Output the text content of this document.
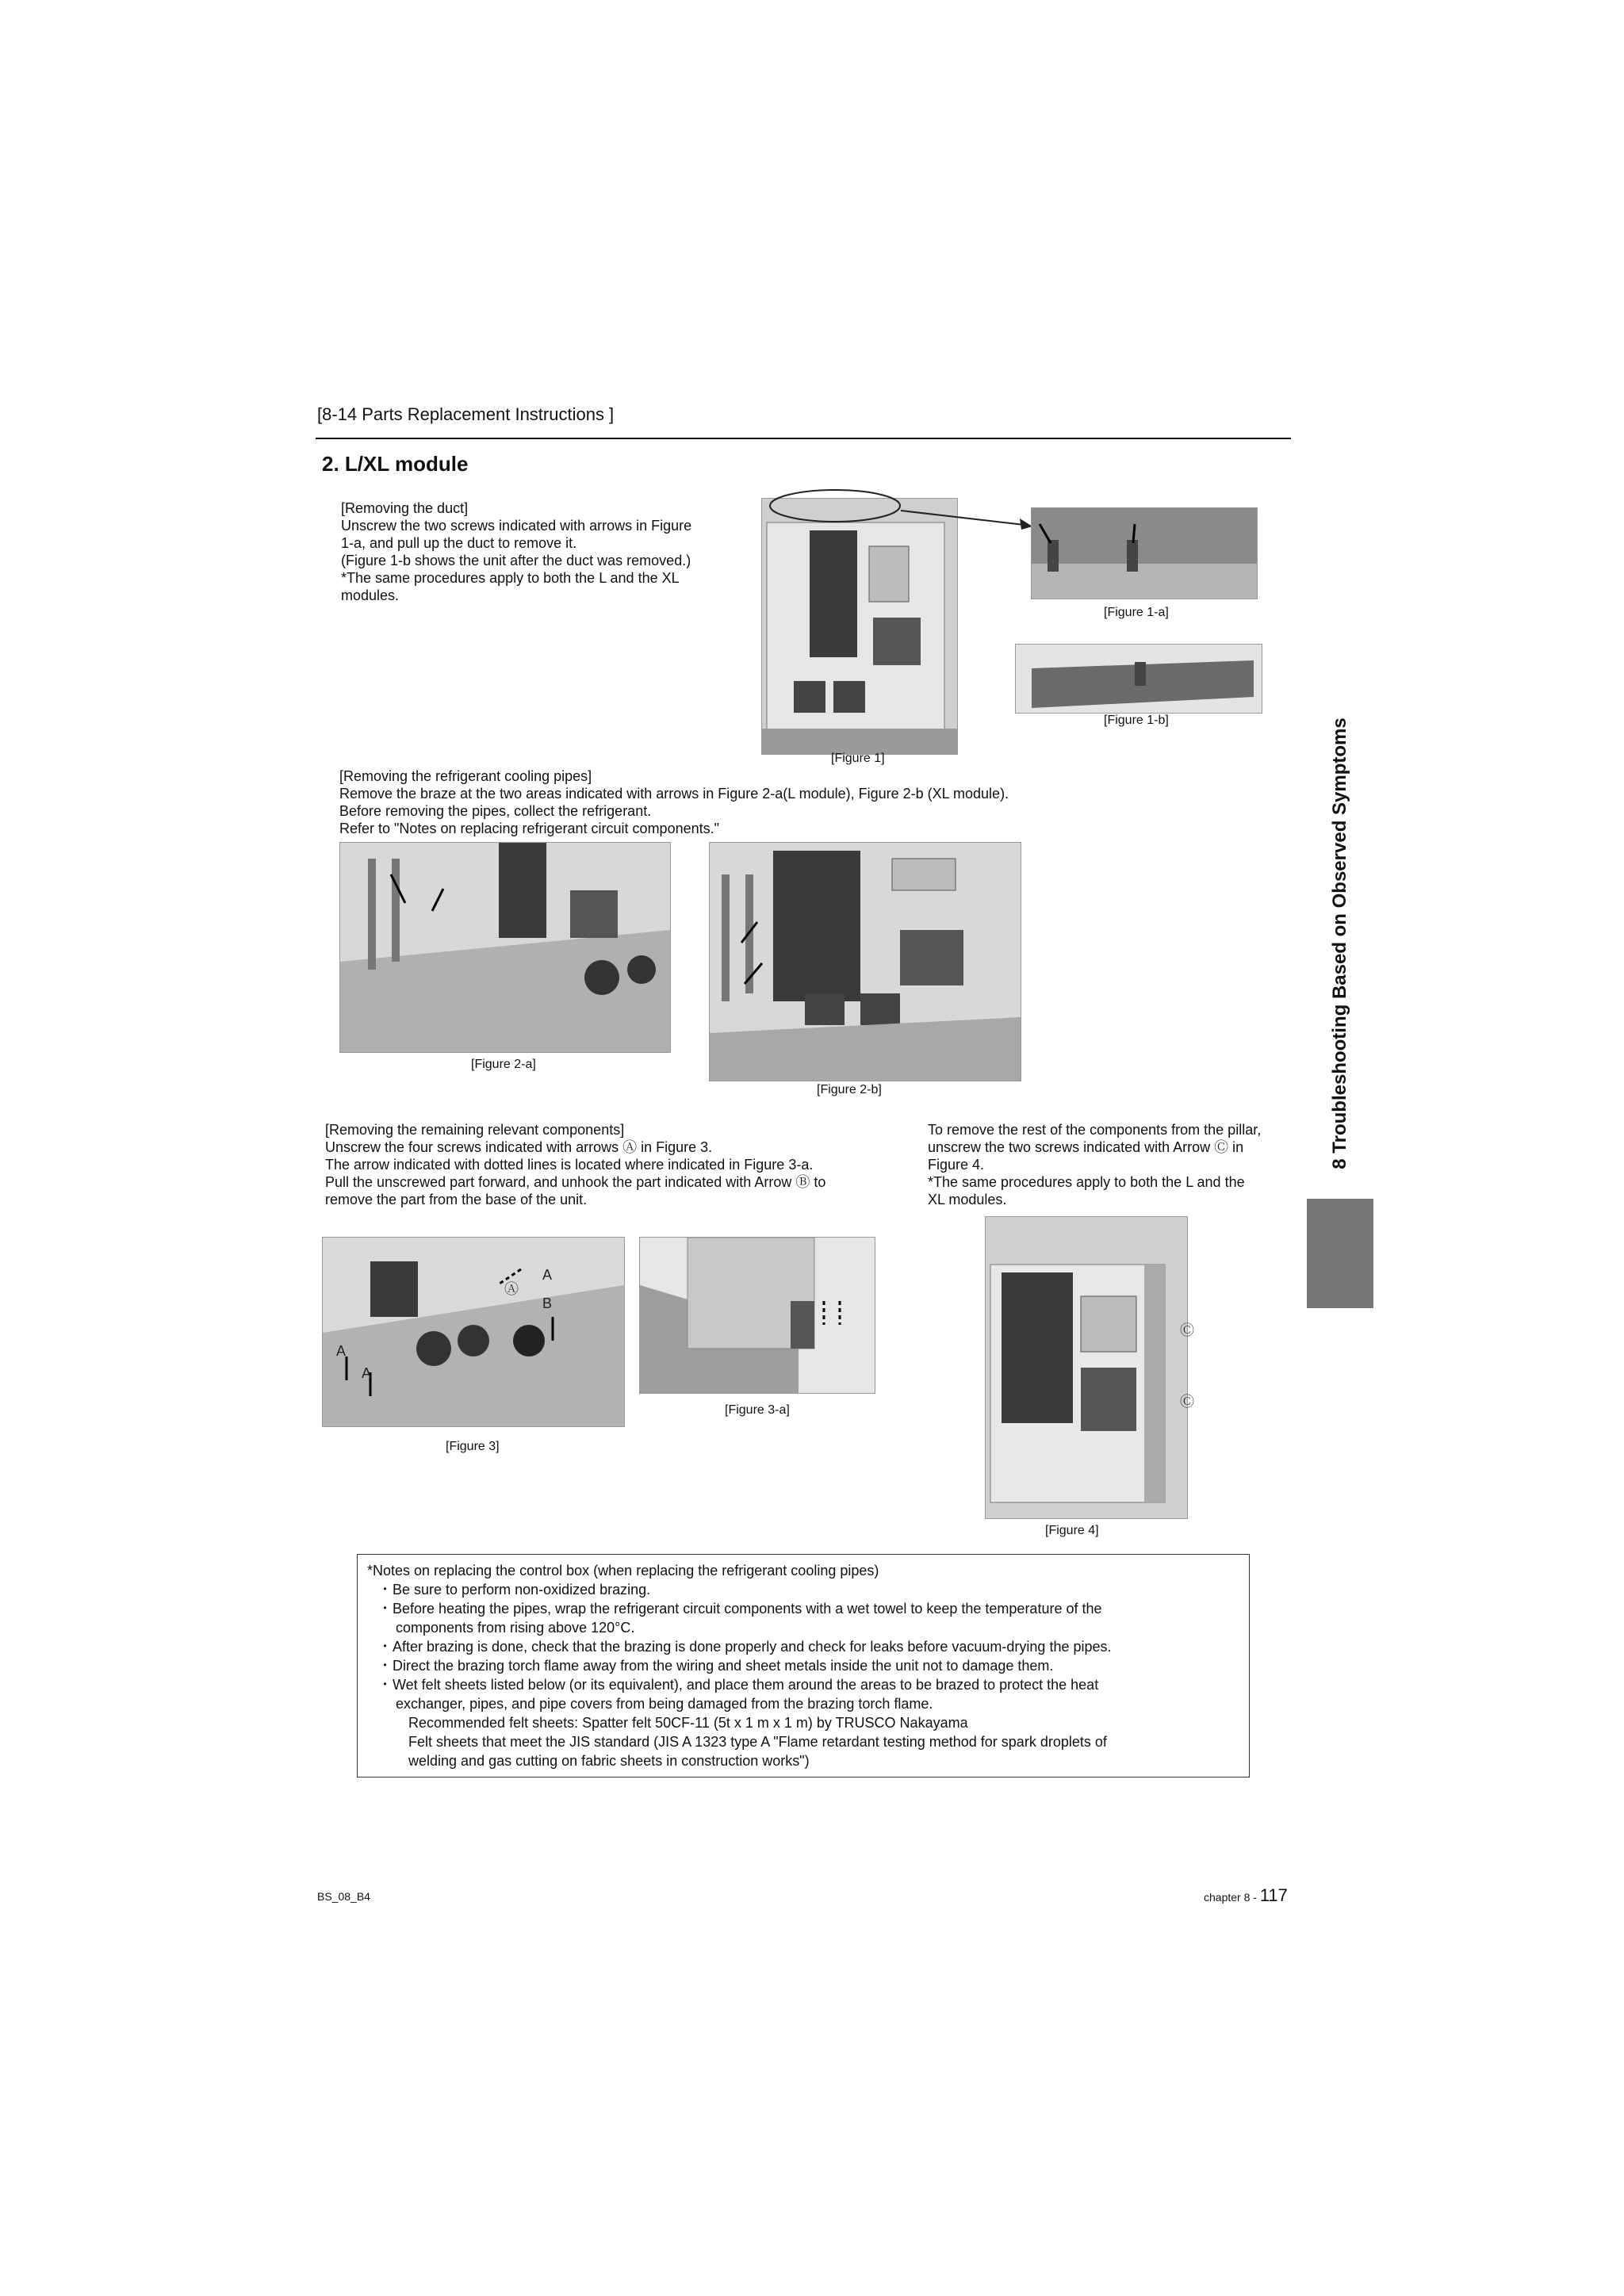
[8-14 Parts Replacement Instructions ]
2. L/XL module
[Removing the duct]
Unscrew the two screws indicated with arrows in Figure
1-a, and pull up the duct to remove it.
(Figure 1-b shows the unit after the duct was removed.)
*The same procedures apply to both the L and the XL
modules.
[Figure 1]
[Figure 1-a]
[Figure 1-b]
[Removing the refrigerant cooling pipes]
Remove the braze at the two areas indicated with arrows in Figure 2-a(L module), Figure 2-b (XL module).
Before removing the pipes, collect the refrigerant.
Refer to "Notes on replacing refrigerant circuit components."
[Figure 2-a]
[Figure 2-b]
[Removing the remaining relevant components]
Unscrew the four screws indicated with arrows Ⓐ in Figure 3.
The arrow indicated with dotted lines is located where indicated in Figure 3-a.
Pull the unscrewed part forward, and unhook the part indicated with Arrow Ⓑ to
remove the part from the base of the unit.
To remove the rest of the components from the pillar,
unscrew the two screws indicated with Arrow Ⓒ in
Figure 4.
*The same procedures apply to both the L and the
XL modules.
A
Ⓐ
B
A
A
[Figure 3]
[Figure 3-a]
Ⓒ
Ⓒ
[Figure 4]
*Notes on replacing the control box (when replacing the refrigerant cooling pipes)
･ Be sure to perform non-oxidized brazing.
･ Before heating the pipes, wrap the refrigerant circuit components with a wet towel to keep the temperature of the
components from rising above 120°C.
･ After brazing is done, check that the brazing is done properly and check for leaks before vacuum-drying the pipes.
･ Direct the brazing torch flame away from the wiring and sheet metals inside the unit not to damage them.
･ Wet felt sheets listed below (or its equivalent), and place them around the areas to be brazed to protect the heat
exchanger, pipes, and pipe covers from being damaged from the brazing torch flame.
Recommended felt sheets: Spatter felt 50CF-11 (5t x 1 m x 1 m) by TRUSCO Nakayama
Felt sheets that meet the JIS standard (JIS A 1323 type A "Flame retardant testing method for spark droplets of
welding and gas cutting on fabric sheets in construction works")
8 Troubleshooting Based on Observed Symptoms
BS_08_B4	chapter 8 - 117
